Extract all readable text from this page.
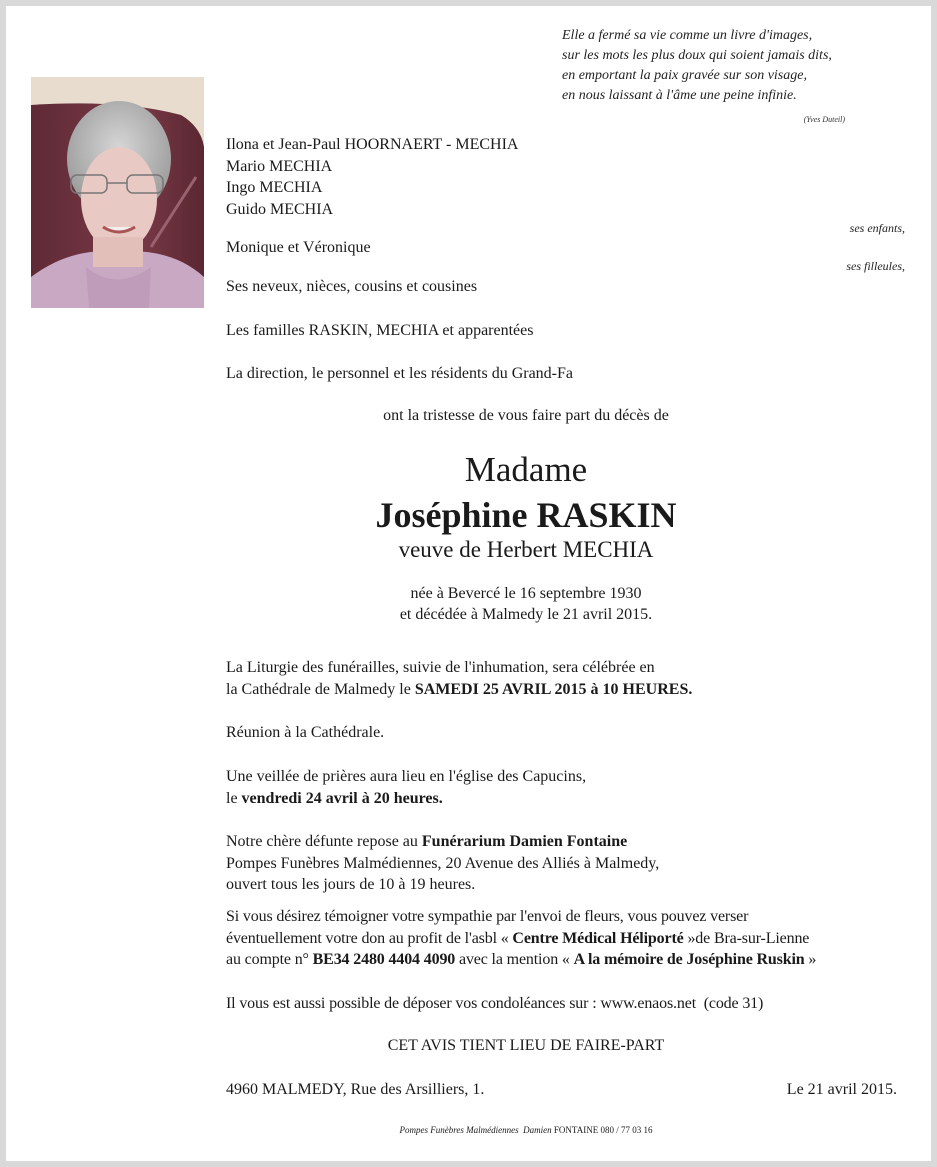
Elle a fermé sa vie comme un livre d'images,
sur les mots les plus doux qui soient jamais dits,
en emportant la paix gravée sur son visage,
en nous laissant à l'âme une peine infinie.
(Yves Duteil)
Ilona et Jean-Paul HOORNAERT - MECHIA
Mario MECHIA
Ingo MECHIA
Guido MECHIA
ses enfants,
Monique et Véronique
ses filleules,
Ses neveux, nièces, cousins et cousines
Les familles RASKIN, MECHIA et apparentées
La direction, le personnel et les résidents du Grand-Fa
ont la tristesse de vous faire part du décès de
Madame
Joséphine RASKIN
veuve de Herbert MECHIA
née à Bevercé le 16 septembre 1930
et décédée à Malmedy le 21 avril 2015.
La Liturgie des funérailles, suivie de l'inhumation, sera célébrée en
la Cathédrale de Malmedy le SAMEDI 25 AVRIL 2015 à 10 HEURES.
Réunion à la Cathédrale.
Une veillée de prières aura lieu en l'église des Capucins,
le vendredi 24 avril à 20 heures.
Notre chère défunte repose au Funérarium Damien Fontaine
Pompes Funèbres Malmédiennes, 20 Avenue des Alliés à Malmedy,
ouvert tous les jours de 10 à 19 heures.
Si vous désirez témoigner votre sympathie par l'envoi de fleurs, vous pouvez verser
éventuellement votre don au profit de l'asbl « Centre Médical Héliporté »de Bra-sur-Lienne
au compte n° BE34 2480 4404 4090 avec la mention « A la mémoire de Joséphine Ruskin »
Il vous est aussi possible de déposer vos condoléances sur : www.enaos.net  (code 31)
CET AVIS TIENT LIEU DE FAIRE-PART
4960 MALMEDY, Rue des Arsilliers, 1.	Le 21 avril 2015.
Pompes Funèbres Malmédiennes  Damien FONTAINE 080 / 77 03 16
